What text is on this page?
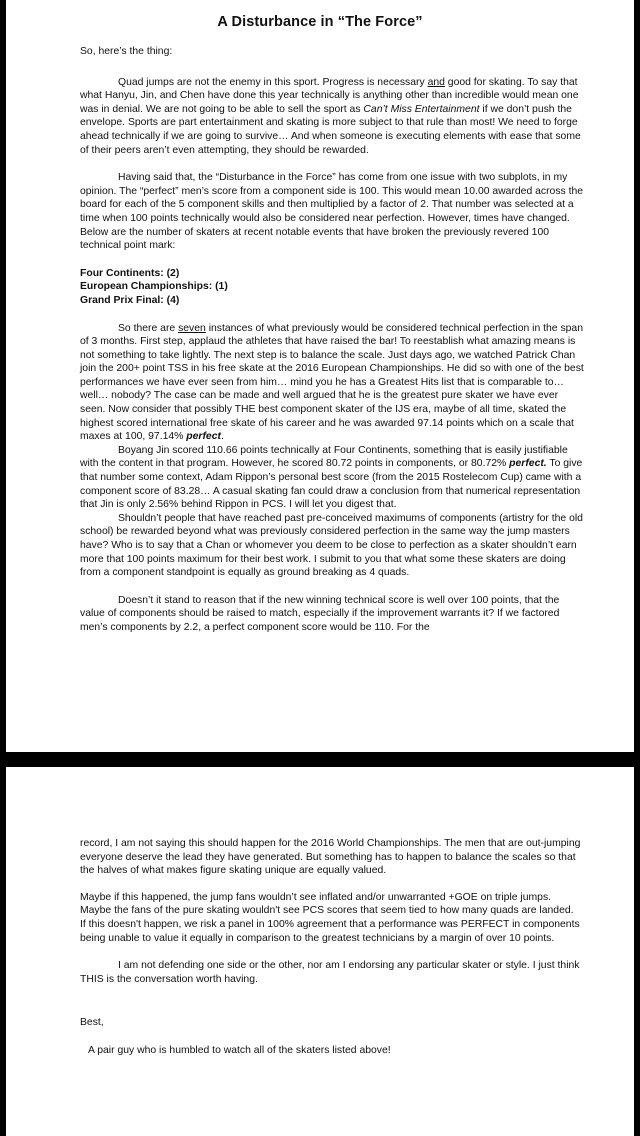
A Disturbance in “The Force”
So, here’s the thing:

Quad jumps are not the enemy in this sport. Progress is necessary and good for skating. To say that what Hanyu, Jin, and Chen have done this year technically is anything other than incredible would mean one was in denial. We are not going to be able to sell the sport as Can’t Miss Entertainment if we don’t push the envelope. Sports are part entertainment and skating is more subject to that rule than most! We need to forge ahead technically if we are going to survive… And when someone is executing elements with ease that some of their peers aren’t even attempting, they should be rewarded.

Having said that, the “Disturbance in the Force” has come from one issue with two subplots, in my opinion. The “perfect” men’s score from a component side is 100. This would mean 10.00 awarded across the board for each of the 5 component skills and then multiplied by a factor of 2. That number was selected at a time when 100 points technically would also be considered near perfection. However, times have changed. Below are the number of skaters at recent notable events that have broken the previously revered 100 technical point mark:

Four Continents: (2)
European Championships: (1)
Grand Prix Final: (4)

So there are seven instances of what previously would be considered technical perfection in the span of 3 months. First step, applaud the athletes that have raised the bar! To reestablish what amazing means is not something to take lightly. The next step is to balance the scale. Just days ago, we watched Patrick Chan join the 200+ point TSS in his free skate at the 2016 European Championships. He did so with one of the best performances we have ever seen from him… mind you he has a Greatest Hits list that is comparable to… well… nobody? The case can be made and well argued that he is the greatest pure skater we have ever seen. Now consider that possibly THE best component skater of the IJS era, maybe of all time, skated the highest scored international free skate of his career and he was awarded 97.14 points which on a scale that maxes at 100, 97.14% perfect.

Boyang Jin scored 110.66 points technically at Four Continents, something that is easily justifiable with the content in that program. However, he scored 80.72 points in components, or 80.72% perfect. To give that number some context, Adam Rippon’s personal best score (from the 2015 Rostelecom Cup) came with a component score of 83.28… A casual skating fan could draw a conclusion from that numerical representation that Jin is only 2.56% behind Rippon in PCS. I will let you digest that.

Shouldn’t people that have reached past pre-conceived maximums of components (artistry for the old school) be rewarded beyond what was previously considered perfection in the same way the jump masters have? Who is to say that a Chan or whomever you deem to be close to perfection as a skater shouldn’t earn more that 100 points maximum for their best work. I submit to you that what some these skaters are doing from a component standpoint is equally as ground breaking as 4 quads.

Doesn’t it stand to reason that if the new winning technical score is well over 100 points, that the value of components should be raised to match, especially if the improvement warrants it? If we factored men’s components by 2.2, a perfect component score would be 110. For the

record, I am not saying this should happen for the 2016 World Championships. The men that are out-jumping everyone deserve the lead they have generated. But something has to happen to balance the scales so that the halves of what makes figure skating unique are equally valued.

Maybe if this happened, the jump fans wouldn’t see inflated and/or unwarranted +GOE on triple jumps.

Maybe the fans of the pure skating wouldn't see PCS scores that seem tied to how many quads are landed.

If this doesn't happen, we risk a panel in 100% agreement that a performance was PERFECT in components being unable to value it equally in comparison to the greatest technicians by a margin of over 10 points.

I am not defending one side or the other, nor am I endorsing any particular skater or style. I just think THIS is the conversation worth having.

Best,
A pair guy who is humbled to watch all of the skaters listed above!
